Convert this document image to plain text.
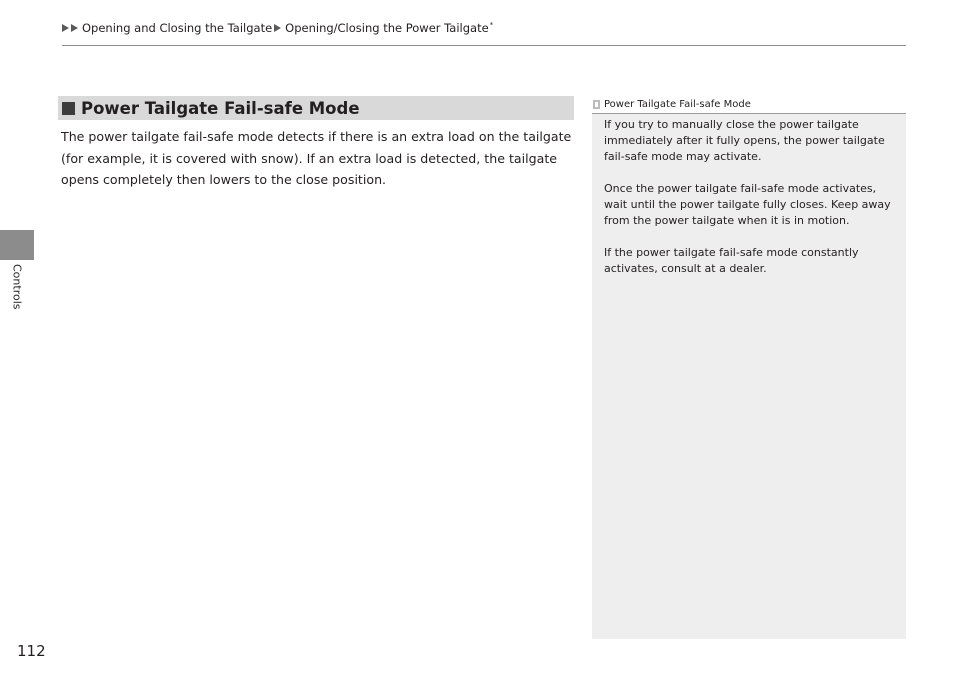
Opening and Closing the Tailgate Opening/Closing the Power Tailgate *
Controls
Power Tailgate Fail-safe Mode

The power tailgate fail-safe mode detects if there is an extra load on the tailgate (for example, it is covered with snow). If an extra load is detected, the tailgate opens completely then lowers to the close position.

Power Tailgate Fail-safe Mode

If you try to manually close the power tailgate immediately after it fully opens, the power tailgate fail-safe mode may activate.

Once the power tailgate fail-safe mode activates, wait until the power tailgate fully closes. Keep away from the power tailgate when it is in motion.

If the power tailgate fail-safe mode constantly activates, consult at a dealer.

112
